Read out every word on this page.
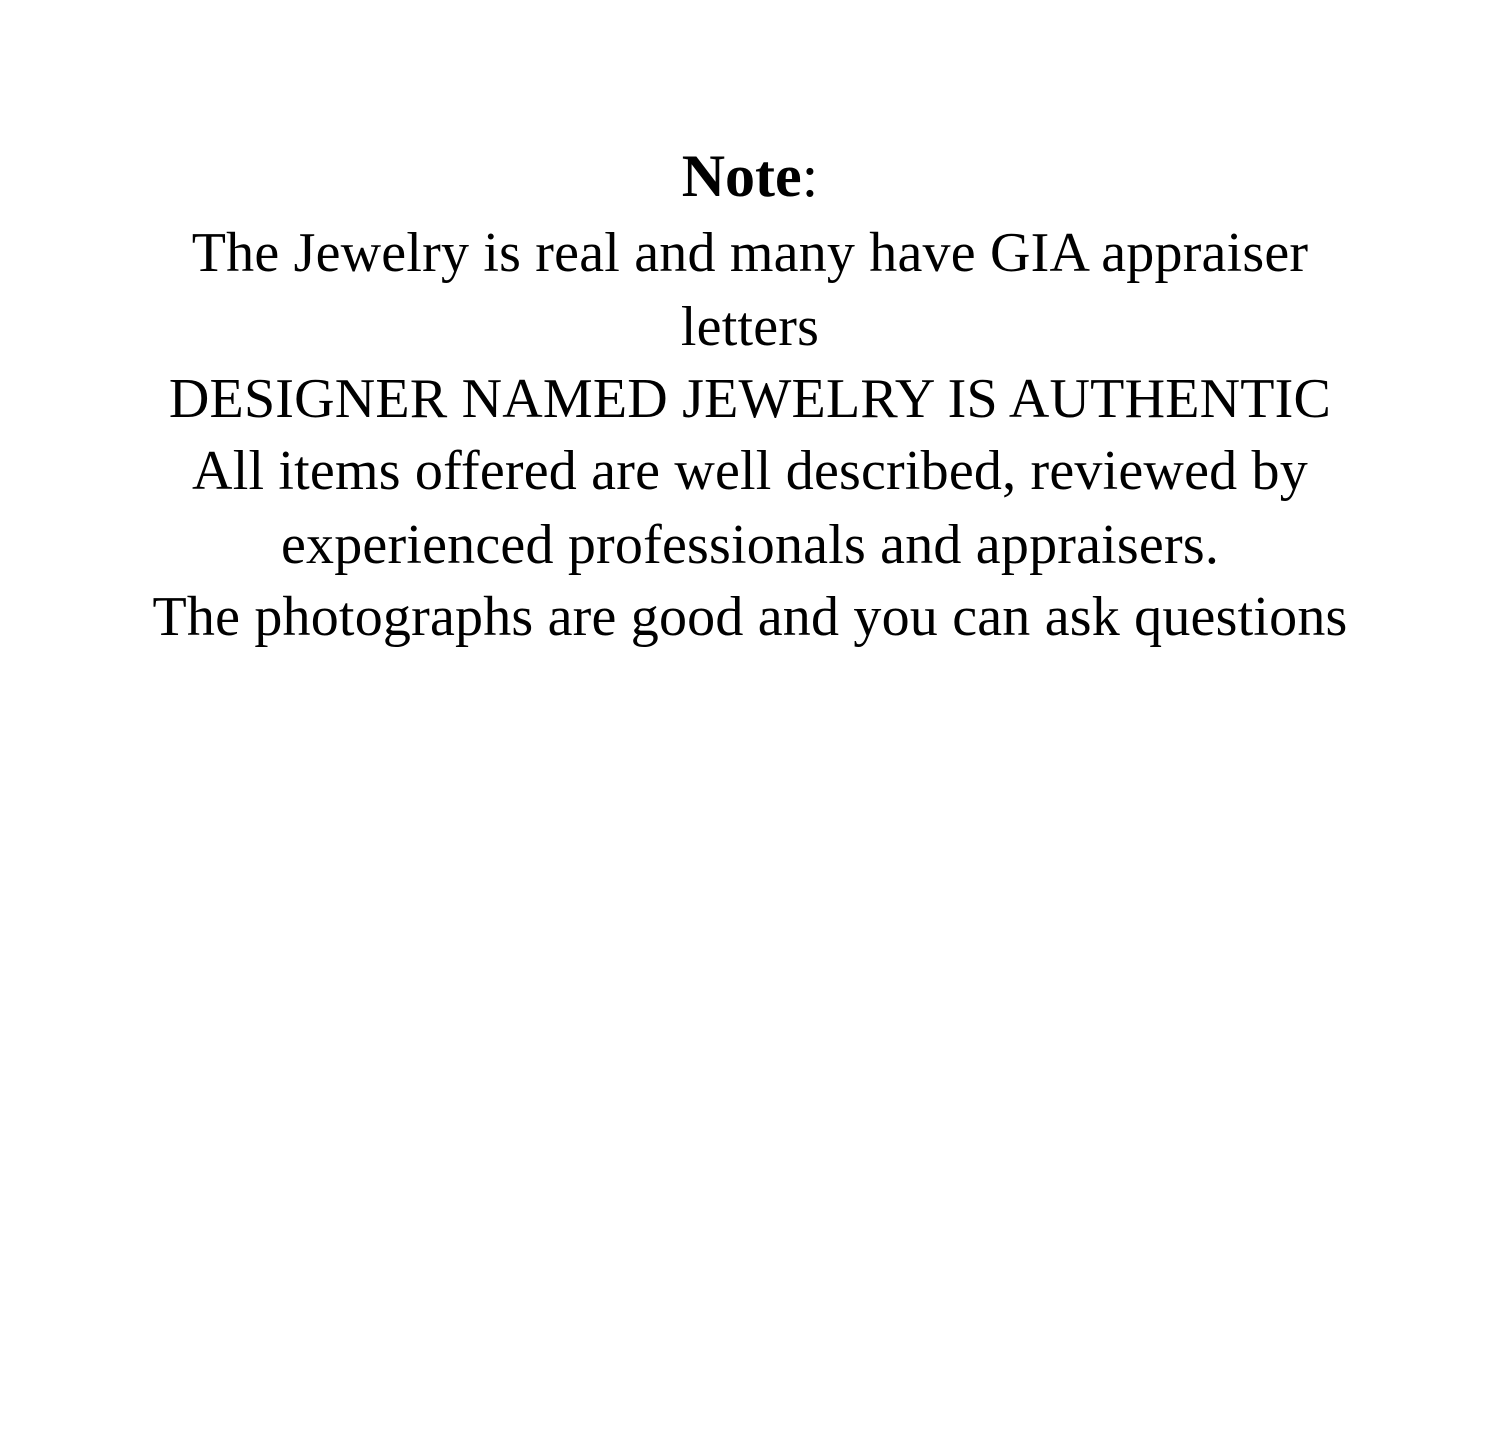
Note:

The Jewelry is real and many have GIA appraiser letters

DESIGNER NAMED JEWELRY IS AUTHENTIC

All items offered are well described, reviewed by experienced professionals and appraisers.

The photographs are good and you can ask questions
